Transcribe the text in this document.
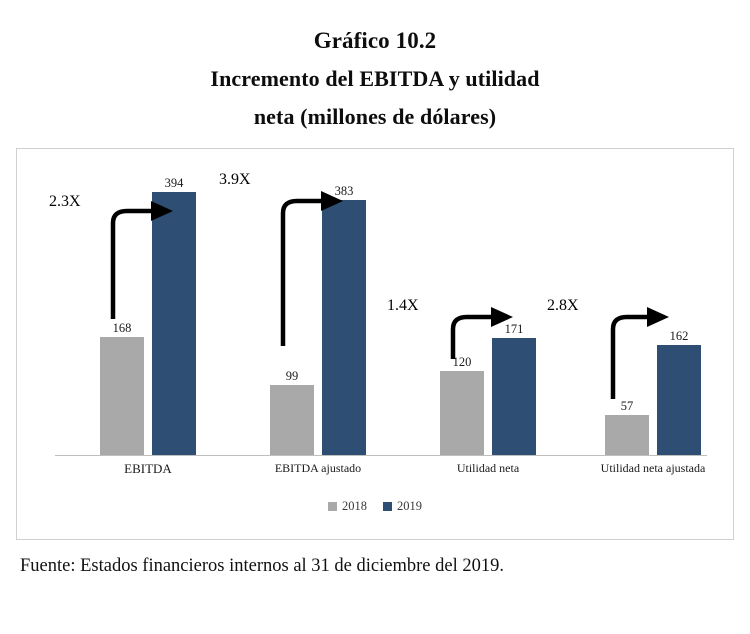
Gráfico 10.2
Incremento del EBITDA y utilidad
neta (millones de dólares)
168
394
EBITDA
99
383
EBITDA ajustado
120
171
Utilidad neta
57
162
Utilidad neta ajustada
2.3X
3.9X
1.4X	2.8X
2018 2019
Fuente: Estados financieros internos al 31 de diciembre del 2019.
